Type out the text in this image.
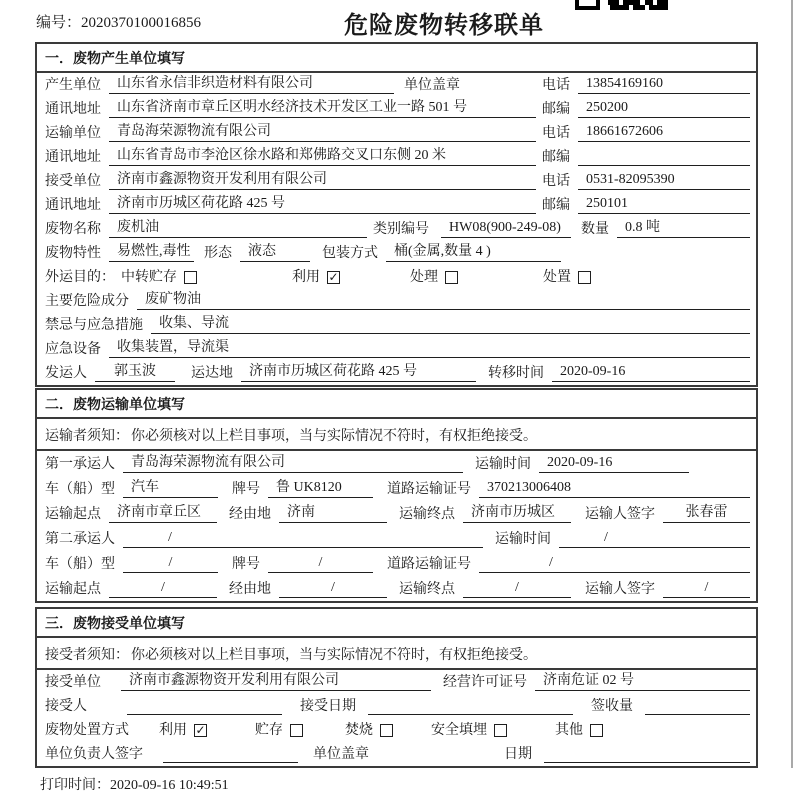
编号：2020370100016856	危险废物转移联单
一．废物产生单位填写
产生单位	山东省永信非织造材料有限公司	单位盖章	电话	13854169160
通讯地址	山东省济南市章丘区明水经济技术开发区工业一路 501 号	邮编	250200
运输单位	青岛海荣源物流有限公司	电话	18661672606
通讯地址	山东省青岛市李沧区徐水路和郑佛路交叉口东侧 20 米	邮编
接受单位	济南市鑫源物资开发利用有限公司	电话	0531-82095390
通讯地址	济南市历城区荷花路 425 号	邮编	250101
废物名称	废机油	类别编号	HW08(900-249-08)	数量	0.8 吨
废物特性	易燃性,毒性 形态	液态	包装方式	桶(金属,数量 4 )
外运目的： 中转贮存	利用 ✓	处理	处置
主要危险成分	废矿物油
禁忌与应急措施	收集、导流
应急设备	收集装置，导流渠
发运人	郭玉波	运达地	济南市历城区荷花路 425 号	转移时间	2020-09-16
二．废物运输单位填写
运输者须知： 你必须核对以上栏目事项，当与实际情况不符时，有权拒绝接受。
第一承运人	青岛海荣源物流有限公司	运输时间	2020-09-16
车（船）型	汽车	牌号	鲁 UK8120	道路运输证号	370213006408
运输起点	济南市章丘区	经由地	济南	运输终点	济南市历城区	运输人签字	张春雷
第二承运人	/	运输时间	/
车（船）型	/	牌号	/	道路运输证号	/
运输起点	/	经由地	/	运输终点	/	运输人签字	/
三．废物接受单位填写
接受者须知： 你必须核对以上栏目事项，当与实际情况不符时，有权拒绝接受。
接受单位	济南市鑫源物资开发利用有限公司	经营许可证号	济南危证 02 号
接受人	接受日期	签收量
废物处置方式 利用 ✓	贮存	焚烧	安全填埋	其他
单位负责人签字	单位盖章	日期
打印时间：2020-09-16 10:49:51
